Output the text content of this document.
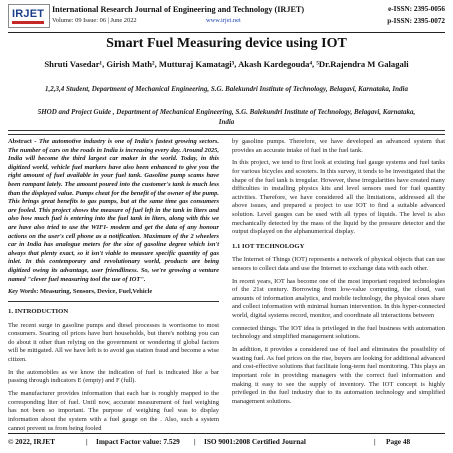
IRJET International Research Journal of Engineering and Technology (IRJET)
Volume: 09 Issue: 06 | June 2022	www.irjet.net
e-ISSN: 2395-0056
p-ISSN: 2395-0072
Smart Fuel Measuring device using IOT
Shruti Vasedar¹, Girish Math², Mutturaj Kamatagi³, Akash Kardegouda⁴, ⁵Dr.Rajendra M Galagali
1,2,3,4 Student, Department of Mechanical Engineering, S.G. Balekundri Institute of Technology, Belagavi, Karnataka, India
5HOD and Project Guide , Department of Mechanical Engineering, S.G. Balekundri Institute of Technology, Belagavi, Karnataka, India

Abstract - The automotive industry is one of India's fastest growing sectors. The number of cars on the roads in India is increasing every day. Around 2025, India will become the third largest car maker in the world. Today, in this digitized world, vehicle fuel markers have also been enhanced to give you the right amount of fuel available in your fuel tank. Gasoline pump scams have been rampant lately. The amount poured into the customer's tank is much less than the displayed value. Pumps cheat for the benefit of the owner of the pump. This brings great benefits to gas pumps, but at the same time gas consumers are fooled. This project shows the measure of fuel left in the tank in liters and also how much fuel is entering into the fuel tank in liters, along with this we are have also tried to use the WIFI- modem and get the data of any honour actions on the user's cell phone as a notification. Maximum of the 2 wheelers car in India has analogue meters for the size of gasoline degree which isn't always that plenty exact, so it isn't viable to measure specific quantity of gas inlet. In this contemporary and revolutionary world, products are being digitized owing its advantage, user friendliness. So, we're growing a venture named "clever fuel measuring tool the use of IOT".

Key Words: Measuring, Sensors, Device, Fuel,Vehicle

1. INTRODUCTION

The recent surge in gasoline pumps and diesel processes is worrisome to most consumers. Soaring oil prices have hurt households, but there's nothing you can do about it other than relying on the government or wondering if global factors will be mitigated. All we have left is to avoid gas station fraud and become a wise citizen.

In the automobiles as we know the indication of fuel is indicated like a bar passing through indicators E (empty) and F (full).

The manufacturer provides information that each bar is roughly mapped to the corresponding liter of fuel. Until now, accurate measurement of fuel weighing has not been so important. The purpose of weighing fuel was to display information about the system with a fuel gauge on the . Also, such a system cannot prevent us from being fooled

by gasoline pumps. Therefore, we have developed an advanced system that provides an accurate intake of fuel in the fuel tank.

In this project, we tend to first look at existing fuel gauge systems and fuel tanks for various bicycles and scooters. In this survey, it tends to be investigated that the shape of the fuel tank is irregular. However, these irregularities have created many difficulties in installing physics kits and level sensors used for fuel quantity activities. Therefore, we have considered all the limitations, addressed all the above issues, and prepared a project to use IOT to find a suitable advanced solution. Level gauges can be used with all types of liquids. The level is also mechanically detected by the mass of the liquid by the pressure detector and the output displayed on the alphanumerical display.

1.1 IOT TECHNOLOGY

The Internet of Things (IOT) represents a network of physical objects that can use sensors to collect data and use the Internet to exchange data with each other.

In recent years, IOT has become one of the most important required technologies of the 21st century. Borrowing from low-value computing, the cloud, vast amounts of information analytics, and mobile technology, the physical ones share and collect information with minimal human intervention. In this hyper-connected world, digital systems record, monitor, and coordinate all interactions between

connected things. The IOT idea is privileged in the fuel business with automation technology and simplified management solutions.

In addition, it provides a considered use of fuel and eliminates the possibility of wasting fuel. As fuel prices on the rise, buyers are looking for additional advanced and cost-effective solutions that facilitate long-term fuel monitoring. This plays an important role in providing managers with the correct fuel information and making it easy to see the supply of inventory. The IOT concept is highly privileged in the fuel industry due to its automation technology and simplified management solutions.

© 2022, IRJET	| Impact Factor value: 7.529 | ISO 9001:2008 Certified Journal	| Page 48
